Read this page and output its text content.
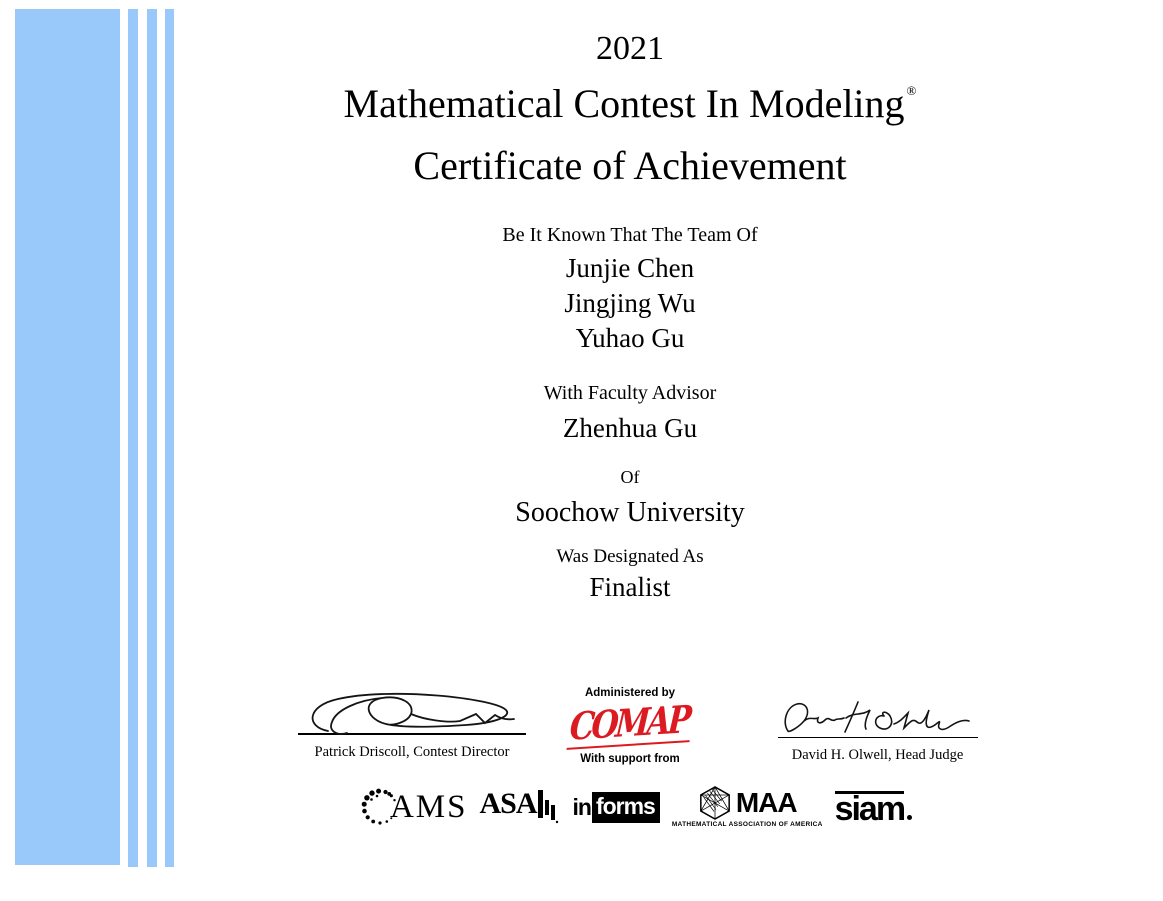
2021
Mathematical Contest In Modeling ®
Certificate of Achievement
Be It Known That The Team Of
Junjie Chen
Jingjing Wu
Yuhao Gu
With Faculty Advisor
Zhenhua Gu
Of
Soochow University
Was Designated As
Finalist
Patrick Driscoll, Contest Director
Administered by
COMAP
With support from	David H. Olwell, Head Judge
AMS ASA in forms	MAA
MATHEMATICAL ASSOCIATION OF AMERICA siam
